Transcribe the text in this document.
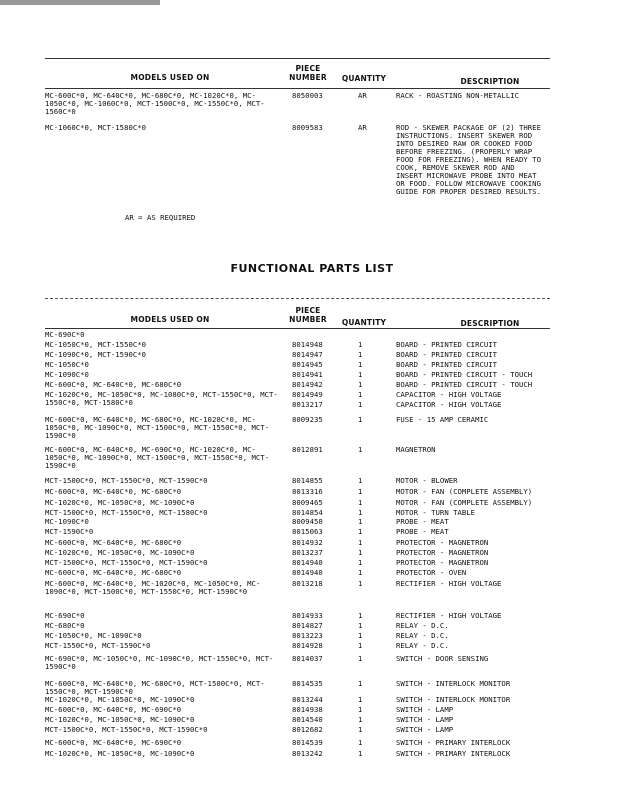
MODELS USED ON
PIECE
NUMBER	QUANTITY	DESCRIPTION
MC-600C*0, MC-640C*0, MC-680C*0, MC-1020C*0, MC-1050C*0, MC-1060C*0, MCT-1500C*0, MC-1550C*0, MCT-1560C*0
8050003	AR	RACK - ROASTING NON-METALLIC
MC-1060C*0, MCT-1580C*0	8009583	AR	ROD - SKEWER PACKAGE OF (2) THREE
INSTRUCTIONS. INSERT SKEWER ROD
INTO DESIRED RAW OR COOKED FOOD
BEFORE FREEZING. (PROPERLY WRAP
FOOD FOR FREEZING). WHEN READY TO
COOK, REMOVE SKEWER ROD AND
INSERT MICROWAVE PROBE INTO MEAT
OR FOOD. FOLLOW MICROWAVE COOKING
GUIDE FOR PROPER DESIRED RESULTS.
AR = AS REQUIRED
FUNCTIONAL PARTS LIST
MODELS USED ON
PIECE
NUMBER	QUANTITY	DESCRIPTION
MC-690C*0
MC-1050C*0, MCT-1550C*0	8014948	1	BOARD - PRINTED CIRCUIT
MC-1090C*0, MCT-1590C*0	8014947	1	BOARD - PRINTED CIRCUIT
MC-1050C*0	8014945	1	BOARD - PRINTED CIRCUIT
MC-1090C*0	8014941	1	BOARD - PRINTED CIRCUIT - TOUCH
MC-600C*0, MC-640C*0, MC-680C*0	8014942	1	BOARD - PRINTED CIRCUIT - TOUCH
MC-1020C*0, MC-1050C*0, MC-1080C*0, MCT-1550C*0, MCT-1550C*0, MCT-1580C*0
8014949	1	CAPACITOR - HIGH VOLTAGE
8013217	1	CAPACITOR - HIGH VOLTAGE
MC-600C*0, MC-640C*0, MC-680C*0, MC-1020C*0, MC-1050C*0, MC-1090C*0, MCT-1500C*0, MCT-1550C*0, MCT-1590C*0
8009235	1	FUSE - 15 AMP CERAMIC
MC-600C*0, MC-640C*0, MC-690C*0, MC-1020C*0, MC-1050C*0, MC-1090C*0, MCT-1500C*0, MCT-1550C*0, MCT-1590C*0
8012891	1	MAGNETRON
MCT-1500C*0, MCT-1550C*0, MCT-1590C*0	8014855	1	MOTOR - BLOWER
MC-600C*0, MC-640C*0, MC-680C*0	8013316	1	MOTOR - FAN (COMPLETE ASSEMBLY)
MC-1020C*0, MC-1050C*0, MC-1090C*0	8009465	1	MOTOR - FAN (COMPLETE ASSEMBLY)
MCT-1500C*0, MCT-1550C*0, MCT-1580C*0	8014854	1	MOTOR - TURN TABLE
MC-1090C*0	8009450	1	PROBE - MEAT
MCT-1590C*0	8015063	1	PROBE - MEAT
MC-600C*0, MC-640C*0, MC-680C*0	8014932	1	PROTECTOR - MAGNETRON
MC-1020C*0, MC-1050C*0, MC-1090C*0	8013237	1	PROTECTOR - MAGNETRON
MCT-1500C*0, MCT-1550C*0, MCT-1590C*0	8014940	1	PROTECTOR - MAGNETRON
MC-600C*0, MC-640C*0, MC-680C*0	8014940	1	PROTECTOR - OVEN
MC-600C*0, MC-640C*0, MC-1020C*0, MC-1050C*0, MC-1090C*0, MCT-1500C*0, MCT-1550C*0, MCT-1590C*0
8013218	1	RECTIFIER - HIGH VOLTAGE
MC-690C*0	8014933	1	RECTIFIER - HIGH VOLTAGE
MC-680C*0	8014827	1	RELAY - D.C.
MC-1050C*0, MC-1090C*0	8013223	1	RELAY - D.C.
MCT-1550C*0, MCT-1590C*0	8014928	1	RELAY - D.C.
MC-690C*0, MC-1050C*0, MC-1090C*0, MCT-1550C*0, MCT-1590C*0
8014037	1	SWITCH - DOOR SENSING
MC-600C*0, MC-640C*0, MC-680C*0, MCT-1500C*0, MCT-1550C*0, MCT-1590C*0
8014535	1	SWITCH - INTERLOCK MONITOR
MC-1020C*0, MC-1050C*0, MC-1090C*0	8013244	1	SWITCH - INTERLOCK MONITOR
MC-600C*0, MC-640C*0, MC-690C*0	8014938	1	SWITCH - LAMP
MC-1020C*0, MC-1050C*0, MC-1090C*0	8014540	1	SWITCH - LAMP
MCT-1500C*0, MCT-1550C*0, MCT-1590C*0	8012682	1	SWITCH - LAMP
MC-600C*0, MC-640C*0, MC-690C*0	8014539	1	SWITCH - PRIMARY INTERLOCK
MC-1020C*0, MC-1050C*0, MC-1090C*0	8013242	1	SWITCH - PRIMARY INTERLOCK
